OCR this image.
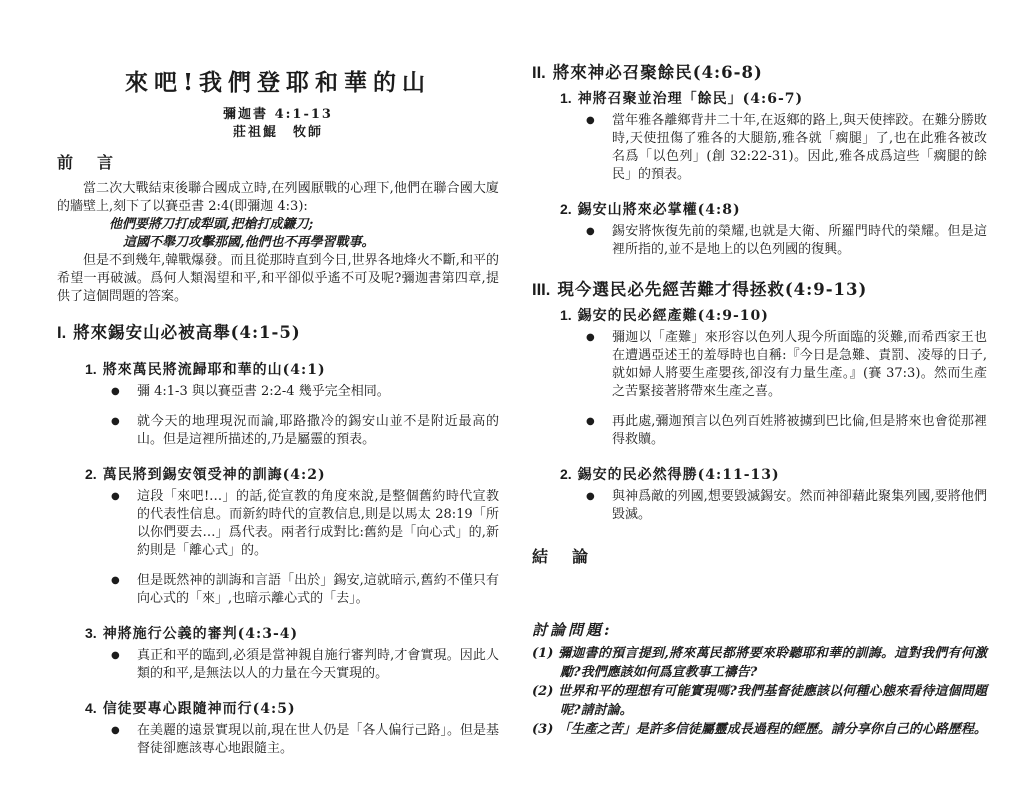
來吧!我們登耶和華的山
彌迦書 4:1-13
莊祖鯤　牧師
前　言

當二次大戰結束後聯合國成立時,在列國厭戰的心理下,他們在聯合國大廈的牆壁上,刻下了以賽亞書 2:4(即彌迦 4:3):

他們要將刀打成犁頭,把槍打成鐮刀;
這國不舉刀攻擊那國,他們也不再學習戰事。

但是不到幾年,韓戰爆發。而且從那時直到今日,世界各地烽火不斷,和平的希望一再破滅。爲何人類渴望和平,和平卻似乎遙不可及呢?彌迦書第四章,提供了這個問題的答案。

I. 將來錫安山必被高舉(4:1-5)
1. 將來萬民將流歸耶和華的山(4:1)
●	彌 4:1-3 與以賽亞書 2:2-4 幾乎完全相同。
●	就今天的地理現況而論,耶路撒冷的錫安山並不是附近最高的山。但是這裡所描述的,乃是屬靈的預表。
2. 萬民將到錫安領受神的訓誨(4:2)
●	這段「來吧!…」的話,從宣教的角度來說,是整個舊約時代宣教的代表性信息。而新約時代的宣教信息,則是以馬太 28:19「所以你們要去…」爲代表。兩者行成對比:舊約是「向心式」的,新約則是「離心式」的。
●	但是既然神的訓誨和言語「出於」錫安,這就暗示,舊約不僅只有向心式的「來」,也暗示離心式的「去」。
3. 神將施行公義的審判(4:3-4)
●	真正和平的臨到,必須是當神親自施行審判時,才會實現。因此人類的和平,是無法以人的力量在今天實現的。
4. 信徒要專心跟隨神而行(4:5)
●	在美麗的遠景實現以前,現在世人仍是「各人偏行己路」。但是基督徒卻應該專心地跟隨主。
II. 將來神必召聚餘民(4:6-8)
1. 神將召聚並治理「餘民」(4:6-7)
●	當年雅各離鄉背井二十年,在返鄉的路上,與天使摔跤。在難分勝敗時,天使扭傷了雅各的大腿筋,雅各就「瘸腿」了,也在此雅各被改名爲「以色列」(創 32:22-31)。因此,雅各成爲這些「瘸腿的餘民」的預表。
2. 錫安山將來必掌權(4:8)
●	錫安將恢復先前的榮耀,也就是大衛、所羅門時代的榮耀。但是這裡所指的,並不是地上的以色列國的復興。
III. 現今選民必先經苦難才得拯救(4:9-13)
1. 錫安的民必經產難(4:9-10)
●	彌迦以「產難」來形容以色列人現今所面臨的災難,而希西家王也在遭遇亞述王的羞辱時也自稱:『今日是急難、責罰、凌辱的日子,就如婦人將要生產嬰孩,卻沒有力量生產。』(賽 37:3)。然而生產之苦緊接著將帶來生產之喜。
●	再此處,彌迦預言以色列百姓將被擄到巴比倫,但是將來也會從那裡得救贖。
2. 錫安的民必然得勝(4:11-13)
●	與神爲敵的列國,想要毀滅錫安。然而神卻藉此聚集列國,要將他們毀滅。
結　論
討論問題:

(1) 彌迦書的預言提到,將來萬民都將要來聆聽耶和華的訓誨。這對我們有何激勵?我們應該如何爲宣教事工禱告?

(2) 世界和平的理想有可能實現嗎?我們基督徒應該以何種心態來看待這個問題呢?請討論。

(3) 「生產之苦」是許多信徒屬靈成長過程的經歷。請分享你自己的心路歷程。
